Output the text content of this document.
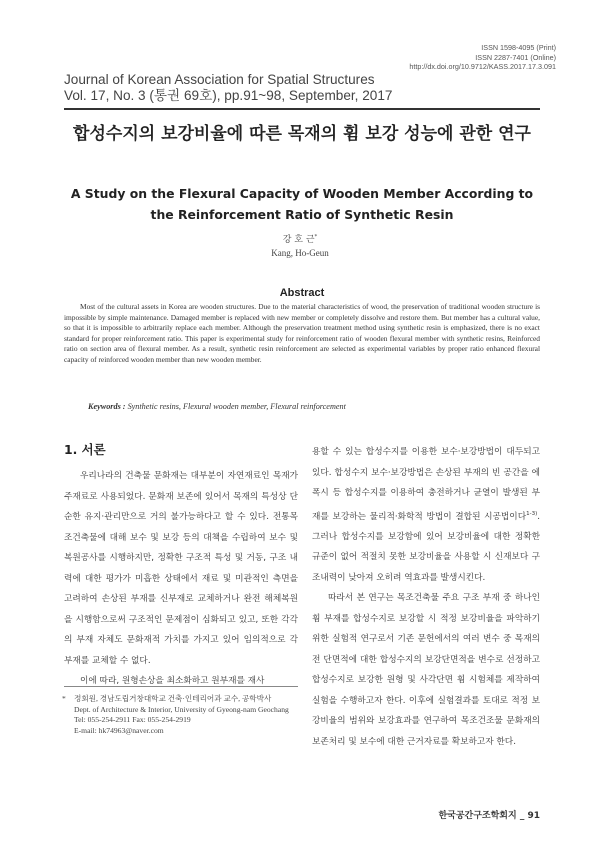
ISSN 1598-4095 (Print)
ISSN 2287-7401 (Online)
http://dx.doi.org/10.9712/KASS.2017.17.3.091
Journal of Korean Association for Spatial Structures
Vol. 17, No. 3 (통권 69호), pp.91~98, September, 2017
합성수지의 보강비율에 따른 목재의 휨 보강 성능에 관한 연구
A Study on the Flexural Capacity of Wooden Member According to the Reinforcement Ratio of Synthetic Resin
강 호 근*
Kang, Ho-Geun
Abstract
Most of the cultural assets in Korea are wooden structures. Due to the material characteristics of wood, the preservation of traditional wooden structure is impossible by simple maintenance. Damaged member is replaced with new member or completely dissolve and restore them. But member has a cultural value, so that it is impossible to arbitrarily replace each member. Although the preservation treatment method using synthetic resin is emphasized, there is no exact standard for proper reinforcement ratio. This paper is experimental study for reinforcement ratio of wooden flexural member with synthetic resins, Reinforced ratio on section area of flexural member. As a result, synthetic resin reinforcement are selected as experimental variables by proper ratio enhanced flexural capacity of reinforced wooden member than new wooden member.
Keywords : Synthetic resins, Flexural wooden member, Flexural reinforcement
1. 서론

우리나라의 건축물 문화재는 대부분이 자연재료인 목재가 주재료로 사용되었다. 문화재 보존에 있어서 목재의 특성상 단순한 유지·관리만으로 거의 불가능하다고 할 수 있다. 전통목조건축물에 대해 보수 및 보강 등의 대책을 수립하여 보수 및 복원공사를 시행하지만, 정확한 구조적 특성 및 거동, 구조 내력에 대한 평가가 미흡한 상태에서 재료 및 미관적인 측면을 고려하여 손상된 부재를 신부재로 교체하거나 완전 해체복원을 시행함으로써 구조적인 문제점이 심화되고 있고, 또한 각각의 부재 자체도 문화재적 가치를 가지고 있어 임의적으로 각 부재를 교체할 수 없다.

이에 따라, 원형손상을 최소화하고 원부재를 재사

용할 수 있는 합성수지를 이용한 보수·보강방법이 대두되고 있다. 합성수지 보수·보강방법은 손상된 부재의 빈 공간을 에폭시 등 합성수지를 이용하여 충전하거나 균열이 발생된 부재를 보강하는 물리적·화학적 방법이 결합된 시공법이다$^{1-3)}$. 그러나 합성수지를 보강함에 있어 보강비율에 대한 정확한 규준이 없어 적절치 못한 보강비율을 사용할 시 신재보다 구조내력이 낮아져 오히려 역효과를 발생시킨다.

따라서 본 연구는 목조건축물 주요 구조 부재 중 하나인 휨 부재를 합성수지로 보강할 시 적정 보강비율을 파악하기 위한 실험적 연구로서 기존 문헌에서의 여러 변수 중 목재의 전 단면적에 대한 합성수지의 보강단면적을 변수로 선정하고 합성수지로 보강한 원형 및 사각단면 휨 시험체를 제작하여 실험을 수행하고자 한다. 이후에 실험결과를 토대로 적정 보강비율의 범위와 보강효과를 연구하여 목조건조물 문화재의 보존처리 및 보수에 대한 근거자료를 확보하고자 한다.

* 정회원, 경남도립거창대학교 건축·인테리어과 교수, 공학박사
Dept. of Architecture & Interior, University of Gyeong-nam Geochang
Tel: 055-254-2911 Fax: 055-254-2919
E-mail: hk74963@naver.com
한국공간구조학회지 _ 91
